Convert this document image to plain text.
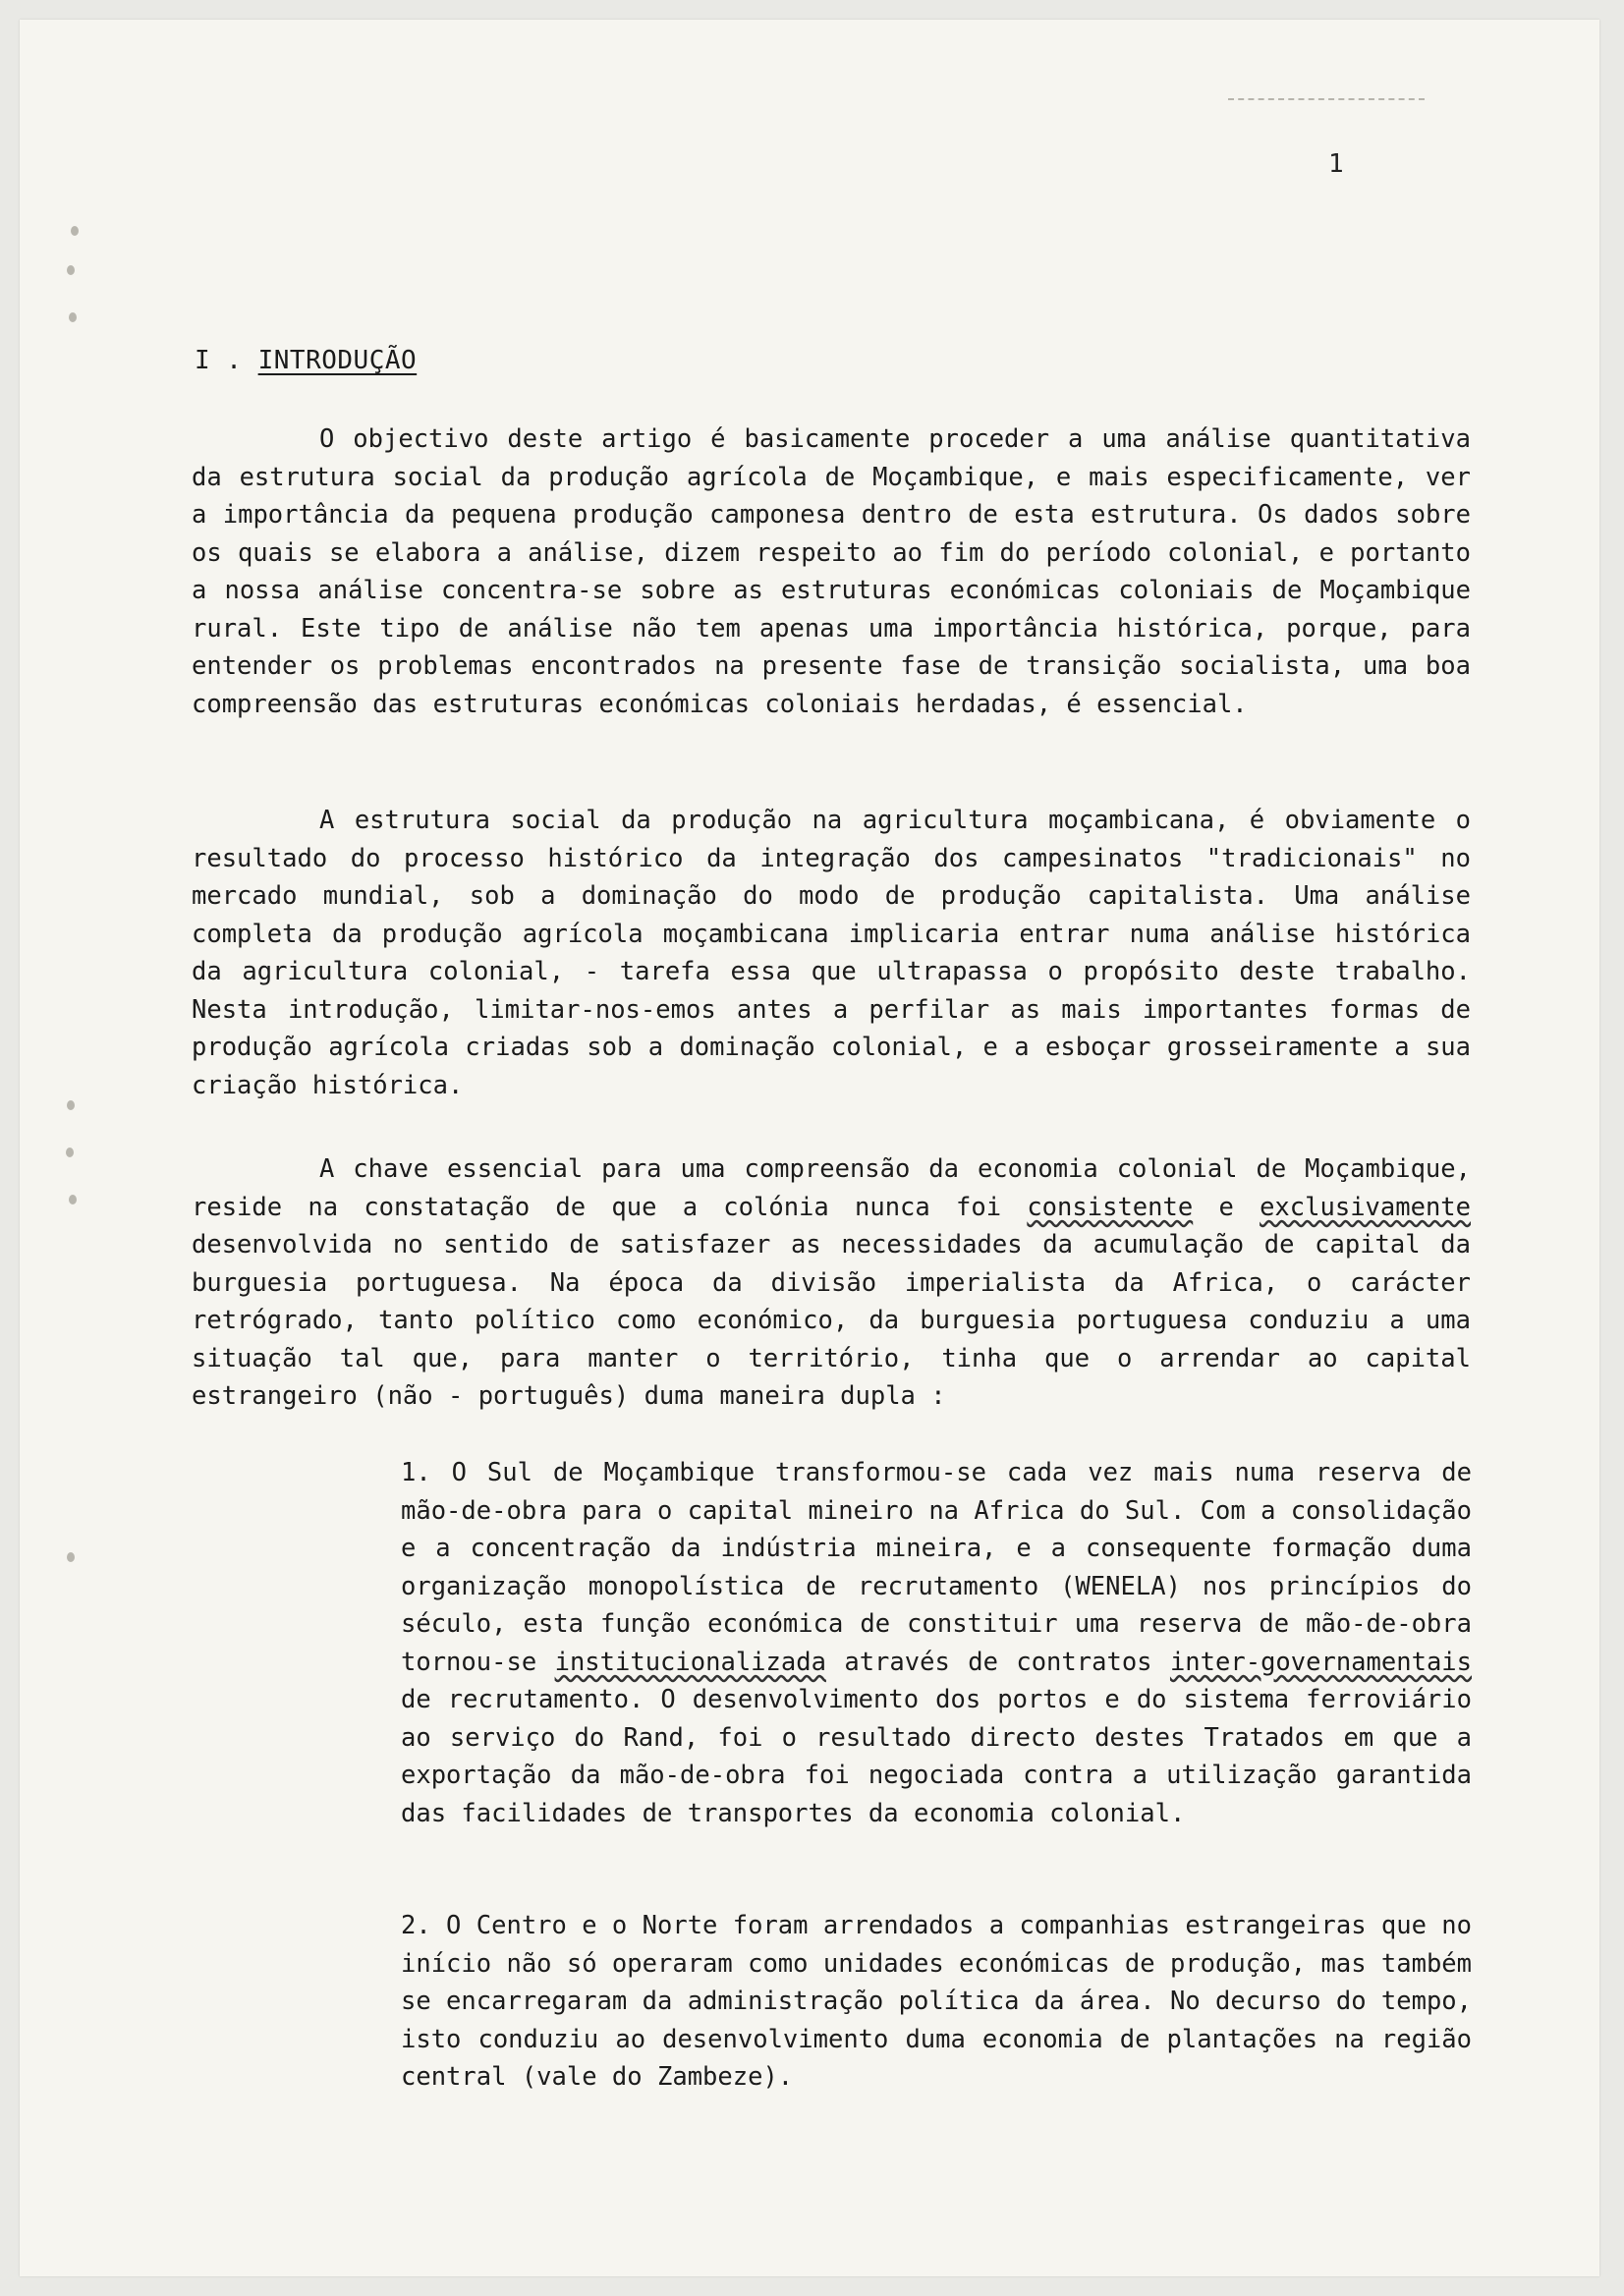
1
I . INTRODUÇÃO

O objectivo deste artigo é basicamente proceder a uma análise quantitativa da estrutura social da produção agrícola de Moçambique, e mais especificamente, ver a importância da pequena produção camponesa dentro de esta estrutura. Os dados sobre os quais se elabora a análise, dizem respeito ao fim do período colonial, e portanto a nossa análise concentra-se sobre as estruturas económicas coloniais de Moçambique rural. Este tipo de análise não tem apenas uma importância histórica, porque, para entender os problemas encontrados na presente fase de transição socialista, uma boa compreensão das estruturas económicas coloniais herdadas, é essencial.

A estrutura social da produção na agricultura moçambicana, é obviamente o resultado do processo histórico da integração dos campesinatos "tradicionais" no mercado mundial, sob a dominação do modo de produção capitalista. Uma análise completa da produção agrícola moçambicana implicaria entrar numa análise histórica da agricultura colonial, - tarefa essa que ultrapassa o propósito deste trabalho. Nesta introdução, limitar-nos-emos antes a perfilar as mais importantes formas de produção agrícola criadas sob a dominação colonial, e a esboçar grosseiramente a sua criação histórica.

A chave essencial para uma compreensão da economia colonial de Moçambique, reside na constatação de que a colónia nunca foi consistente e exclusivamente desenvolvida no sentido de satisfazer as necessidades da acumulação de capital da burguesia portuguesa. Na época da divisão imperialista da Africa, o carácter retrógrado, tanto político como económico, da burguesia portuguesa conduziu a uma situação tal que, para manter o território, tinha que o arrendar ao capital estrangeiro (não - português) duma maneira dupla :

1. O Sul de Moçambique transformou-se cada vez mais numa reserva de mão-de-obra para o capital mineiro na Africa do Sul. Com a consolidação e a concentração da indústria mineira, e a consequente formação duma organização monopolística de recrutamento (WENELA) nos princípios do século, esta função económica de constituir uma reserva de mão-de-obra tornou-se institucionalizada através de contratos inter-governamentais de recrutamento. O desenvolvimento dos portos e do sistema ferroviário ao serviço do Rand, foi o resultado directo destes Tratados em que a exportação da mão-de-obra foi negociada contra a utilização garantida das facilidades de transportes da economia colonial.
2. O Centro e o Norte foram arrendados a companhias estrangeiras que no início não só operaram como unidades económicas de produção, mas também se encarregaram da administração política da área. No decurso do tempo, isto conduziu ao desenvolvimento duma economia de plantações na região central (vale do Zambeze).
